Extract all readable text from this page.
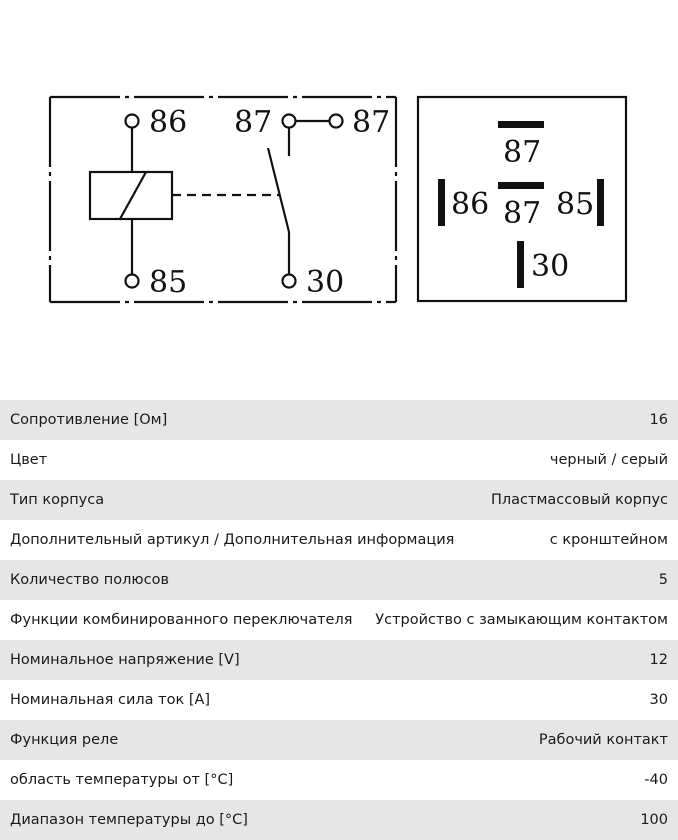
86
85
87	87
30
87
86 87 85
30
Сопротивление [Ом]	16
Цвет	черный / серый
Тип корпуса	Пластмассовый корпус
Дополнительный артикул / Дополнительная информация	с кронштейном
Количество полюсов	5
Функции комбинированного переключателя	Устройство с замыкающим контактом
Номинальное напряжение [V]	12
Номинальная сила ток [A]	30
Функция реле	Рабочий контакт
область температуры от [°C]	-40
Диапазон температуры до [°C]	100
